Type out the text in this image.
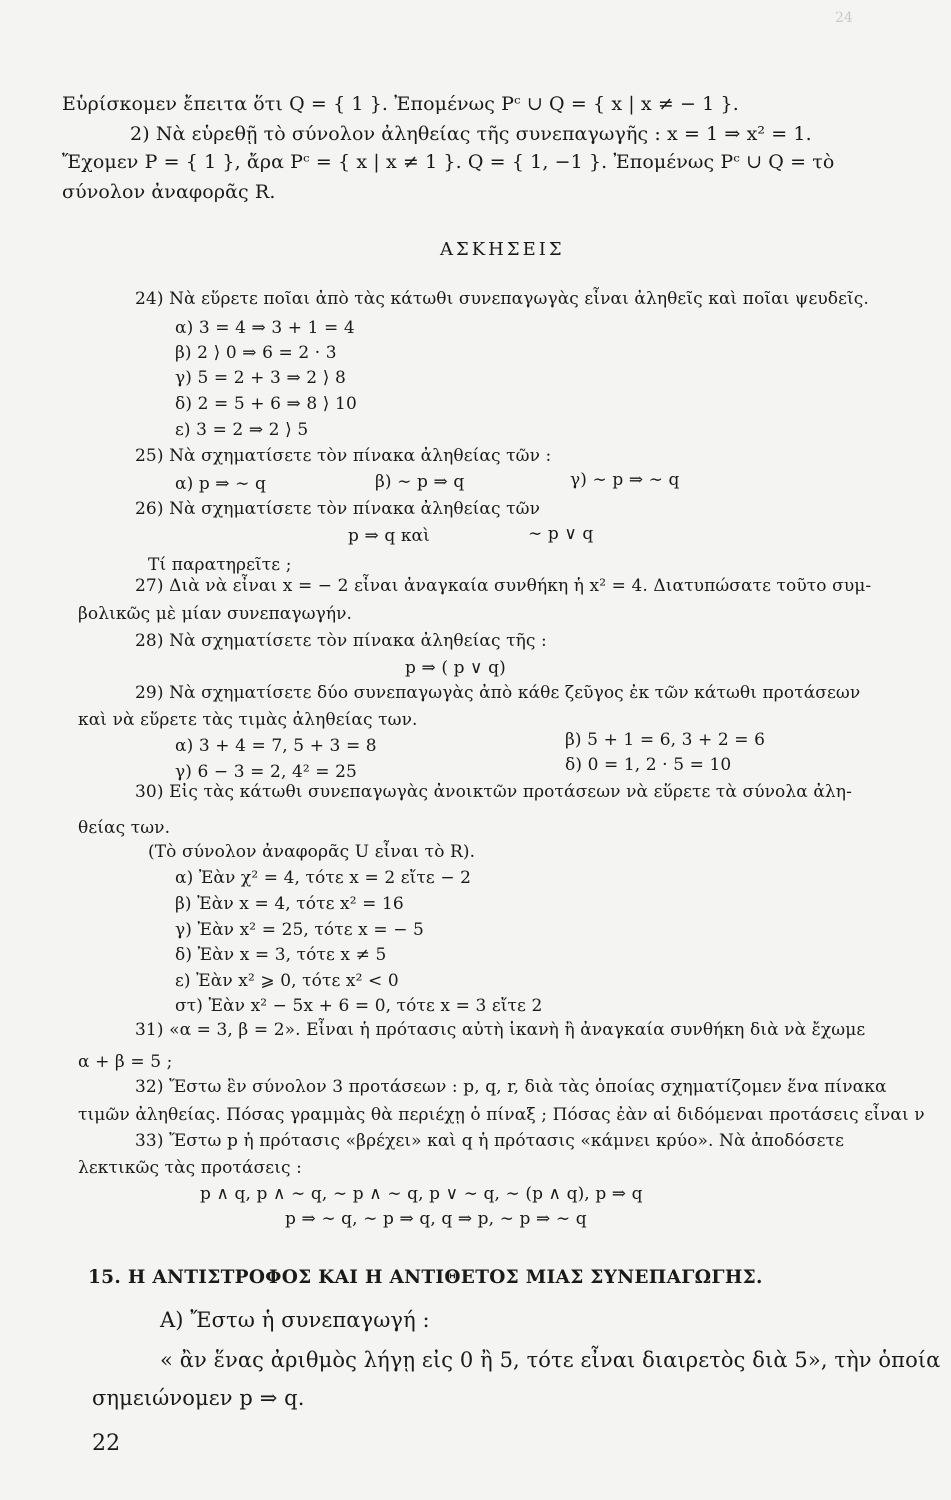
24
Εὑρίσκομεν ἔπειτα ὅτι Q = { 1 }. Ἐπομένως Pᶜ ∪ Q = { x | x ≠ − 1 }.
2) Νὰ εὑρεθῇ τὸ σύνολον ἀληθείας τῆς συνεπαγωγῆς : x = 1 ⇒ x² = 1.
Ἔχομεν P = { 1 }, ἄρα Pᶜ = { x | x ≠ 1 }. Q = { 1, −1 }. Ἐπομένως Pᶜ ∪ Q = τὸ
σύνολον ἀναφορᾶς R.
ΑΣΚΗΣΕΙΣ
24) Νὰ εὕρετε ποῖαι ἀπὸ τὰς κάτωθι συνεπαγωγὰς εἶναι ἀληθεῖς καὶ ποῖαι ψευδεῖς.
α) 3 = 4 ⇒ 3 + 1 = 4
β) 2 ⟩ 0 ⇒ 6 = 2 · 3
γ) 5 = 2 + 3 ⇒ 2 ⟩ 8
δ) 2 = 5 + 6 ⇒ 8 ⟩ 10
ε) 3 = 2 ⇒ 2 ⟩ 5
25) Νὰ σχηματίσετε τὸν πίνακα ἀληθείας τῶν :
α) p ⇒ ∼ q	β) ∼ p ⇒ q	γ) ∼ p ⇒ ∼ q
26) Νὰ σχηματίσετε τὸν πίνακα ἀληθείας τῶν
p ⇒ q καὶ	∼ p ∨ q
Τί παρατηρεῖτε ;
27) Διὰ νὰ εἶναι x = − 2 εἶναι ἀναγκαία συνθήκη ἡ x² = 4. Διατυπώσατε τοῦτο συμ-
βολικῶς μὲ μίαν συνεπαγωγήν.
28) Νὰ σχηματίσετε τὸν πίνακα ἀληθείας τῆς :
p ⇒ ( p ∨ q)
29) Νὰ σχηματίσετε δύο συνεπαγωγὰς ἀπὸ κάθε ζεῦγος ἐκ τῶν κάτωθι προτάσεων
καὶ νὰ εὕρετε τὰς τιμὰς ἀληθείας των.
α) 3 + 4 = 7, 5 + 3 = 8	β) 5 + 1 = 6, 3 + 2 = 6
γ) 6 − 3 = 2, 4² = 25	δ) 0 = 1, 2 · 5 = 10
30) Εἰς τὰς κάτωθι συνεπαγωγὰς ἀνοικτῶν προτάσεων νὰ εὕρετε τὰ σύνολα ἀλη-
θείας των.
(Τὸ σύνολον ἀναφορᾶς U εἶναι τὸ R).
α) Ἐὰν χ² = 4, τότε x = 2 εἴτε − 2
β) Ἐὰν x = 4, τότε x² = 16
γ) Ἐὰν x² = 25, τότε x = − 5
δ) Ἐὰν x = 3, τότε x ≠ 5
ε) Ἐὰν x² ⩾ 0, τότε x² < 0
στ) Ἐὰν x² − 5x + 6 = 0, τότε x = 3 εἴτε 2
31) «α = 3, β = 2». Εἶναι ἡ πρότασις αὐτὴ ἱκανὴ ἢ ἀναγκαία συνθήκη διὰ νὰ ἔχωμε
α + β = 5 ;
32) Ἔστω ἓν σύνολον 3 προτάσεων : p, q, r, διὰ τὰς ὁποίας σχηματίζομεν ἕνα πίνακα
τιμῶν ἀληθείας. Πόσας γραμμὰς θὰ περιέχῃ ὁ πίναξ ; Πόσας ἐὰν αἱ διδόμεναι προτάσεις εἶναι ν
33) Ἔστω p ἡ πρότασις «βρέχει» καὶ q ἡ πρότασις «κάμνει κρύο». Νὰ ἀποδόσετε
λεκτικῶς τὰς προτάσεις :
p ∧ q, p ∧ ∼ q, ∼ p ∧ ∼ q, p ∨ ∼ q, ∼ (p ∧ q), p ⇒ q
p ⇒ ∼ q, ∼ p ⇒ q, q ⇒ p, ∼ p ⇒ ∼ q
15. Η ΑΝΤΙΣΤΡΟΦΟΣ ΚΑΙ Η ΑΝΤΙΘΕΤΟΣ ΜΙΑΣ ΣΥΝΕΠΑΓΩΓΗΣ.
Α) Ἔστω ἡ συνεπαγωγή :
« ἂν ἕνας ἀριθμὸς λήγῃ εἰς 0 ἢ 5, τότε εἶναι διαιρετὸς διὰ 5», τὴν ὁποία
σημειώνομεν p ⇒ q.
22
